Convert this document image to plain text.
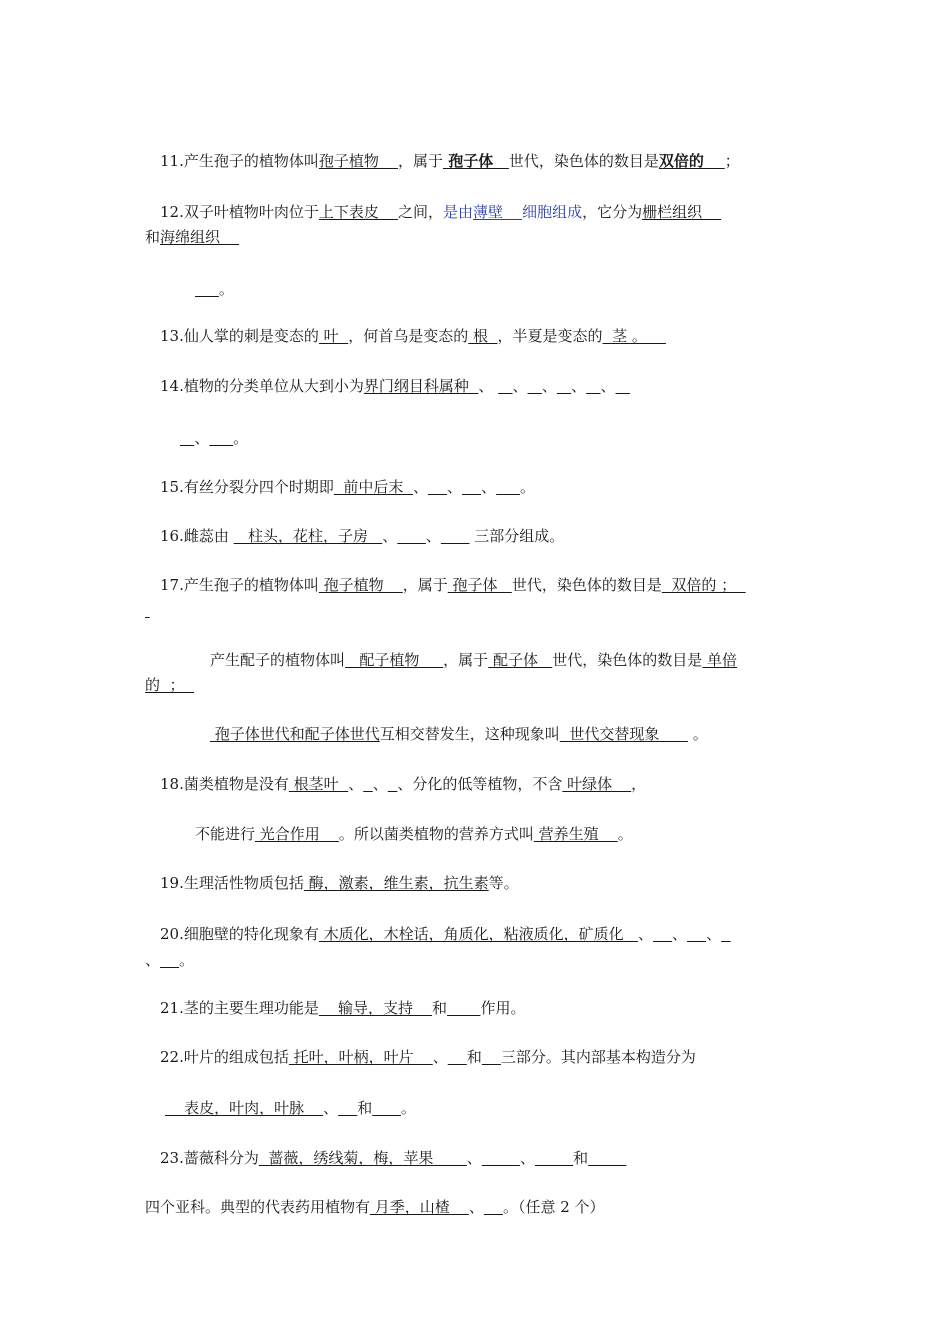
11.产生孢子的植物体叫孢子植物    ，属于 孢子体   世代，染色体的数目是双倍的    ；
12.双子叶植物叶肉位于上下表皮    之间，是由薄壁    细胞组成，它分为栅栏组织
和海绵组织
。
13.仙人掌的刺是变态的 叶  ，何首乌是变态的 根  ，半夏是变态的  茎 。
14.植物的分类单位从大到小为界门纲目科属种  、    、 、 、 、
、 。
15.有丝分裂分四个时期即  前中后末  、 、 、 。
16.雌蕊由    柱头，花柱，子房   、 、       三部分组成。
17.产生孢子的植物体叫 孢子植物    ，属于 孢子体   世代，染色体的数目是  双倍的 ；

产生配子的植物体叫   配子植物     ，属于 配子体   世代，染色体的数目是 单倍
的  ；
孢子体世代和配子体世代互相交替发生，这种现象叫  世代交替现象       。
18.菌类植物是没有 根茎叶  、 、 、分化的低等植物，不含 叶绿体    ，
不能进行 光合作用    。所以菌类植物的营养方式叫 营养生殖    。
19.生理活性物质包括 酶，激素，维生素，抗生素等。
20.细胞壁的特化现象有 木质化，木栓话，角质化，粘液质化，矿质化   、 、 、
、 。
21.茎的主要生理功能是    输导，支持    和 作用。
22.叶片的组成包括 托叶，叶柄，叶片    、 和 三部分。其内部基本构造分为
表皮，叶肉，叶脉    、 和 。
23.蔷薇科分为  蔷薇，绣线菊，梅，苹果       、	、	和
四个亚科。典型的代表药用植物有 月季，山楂    、 。（任意 2 个）
